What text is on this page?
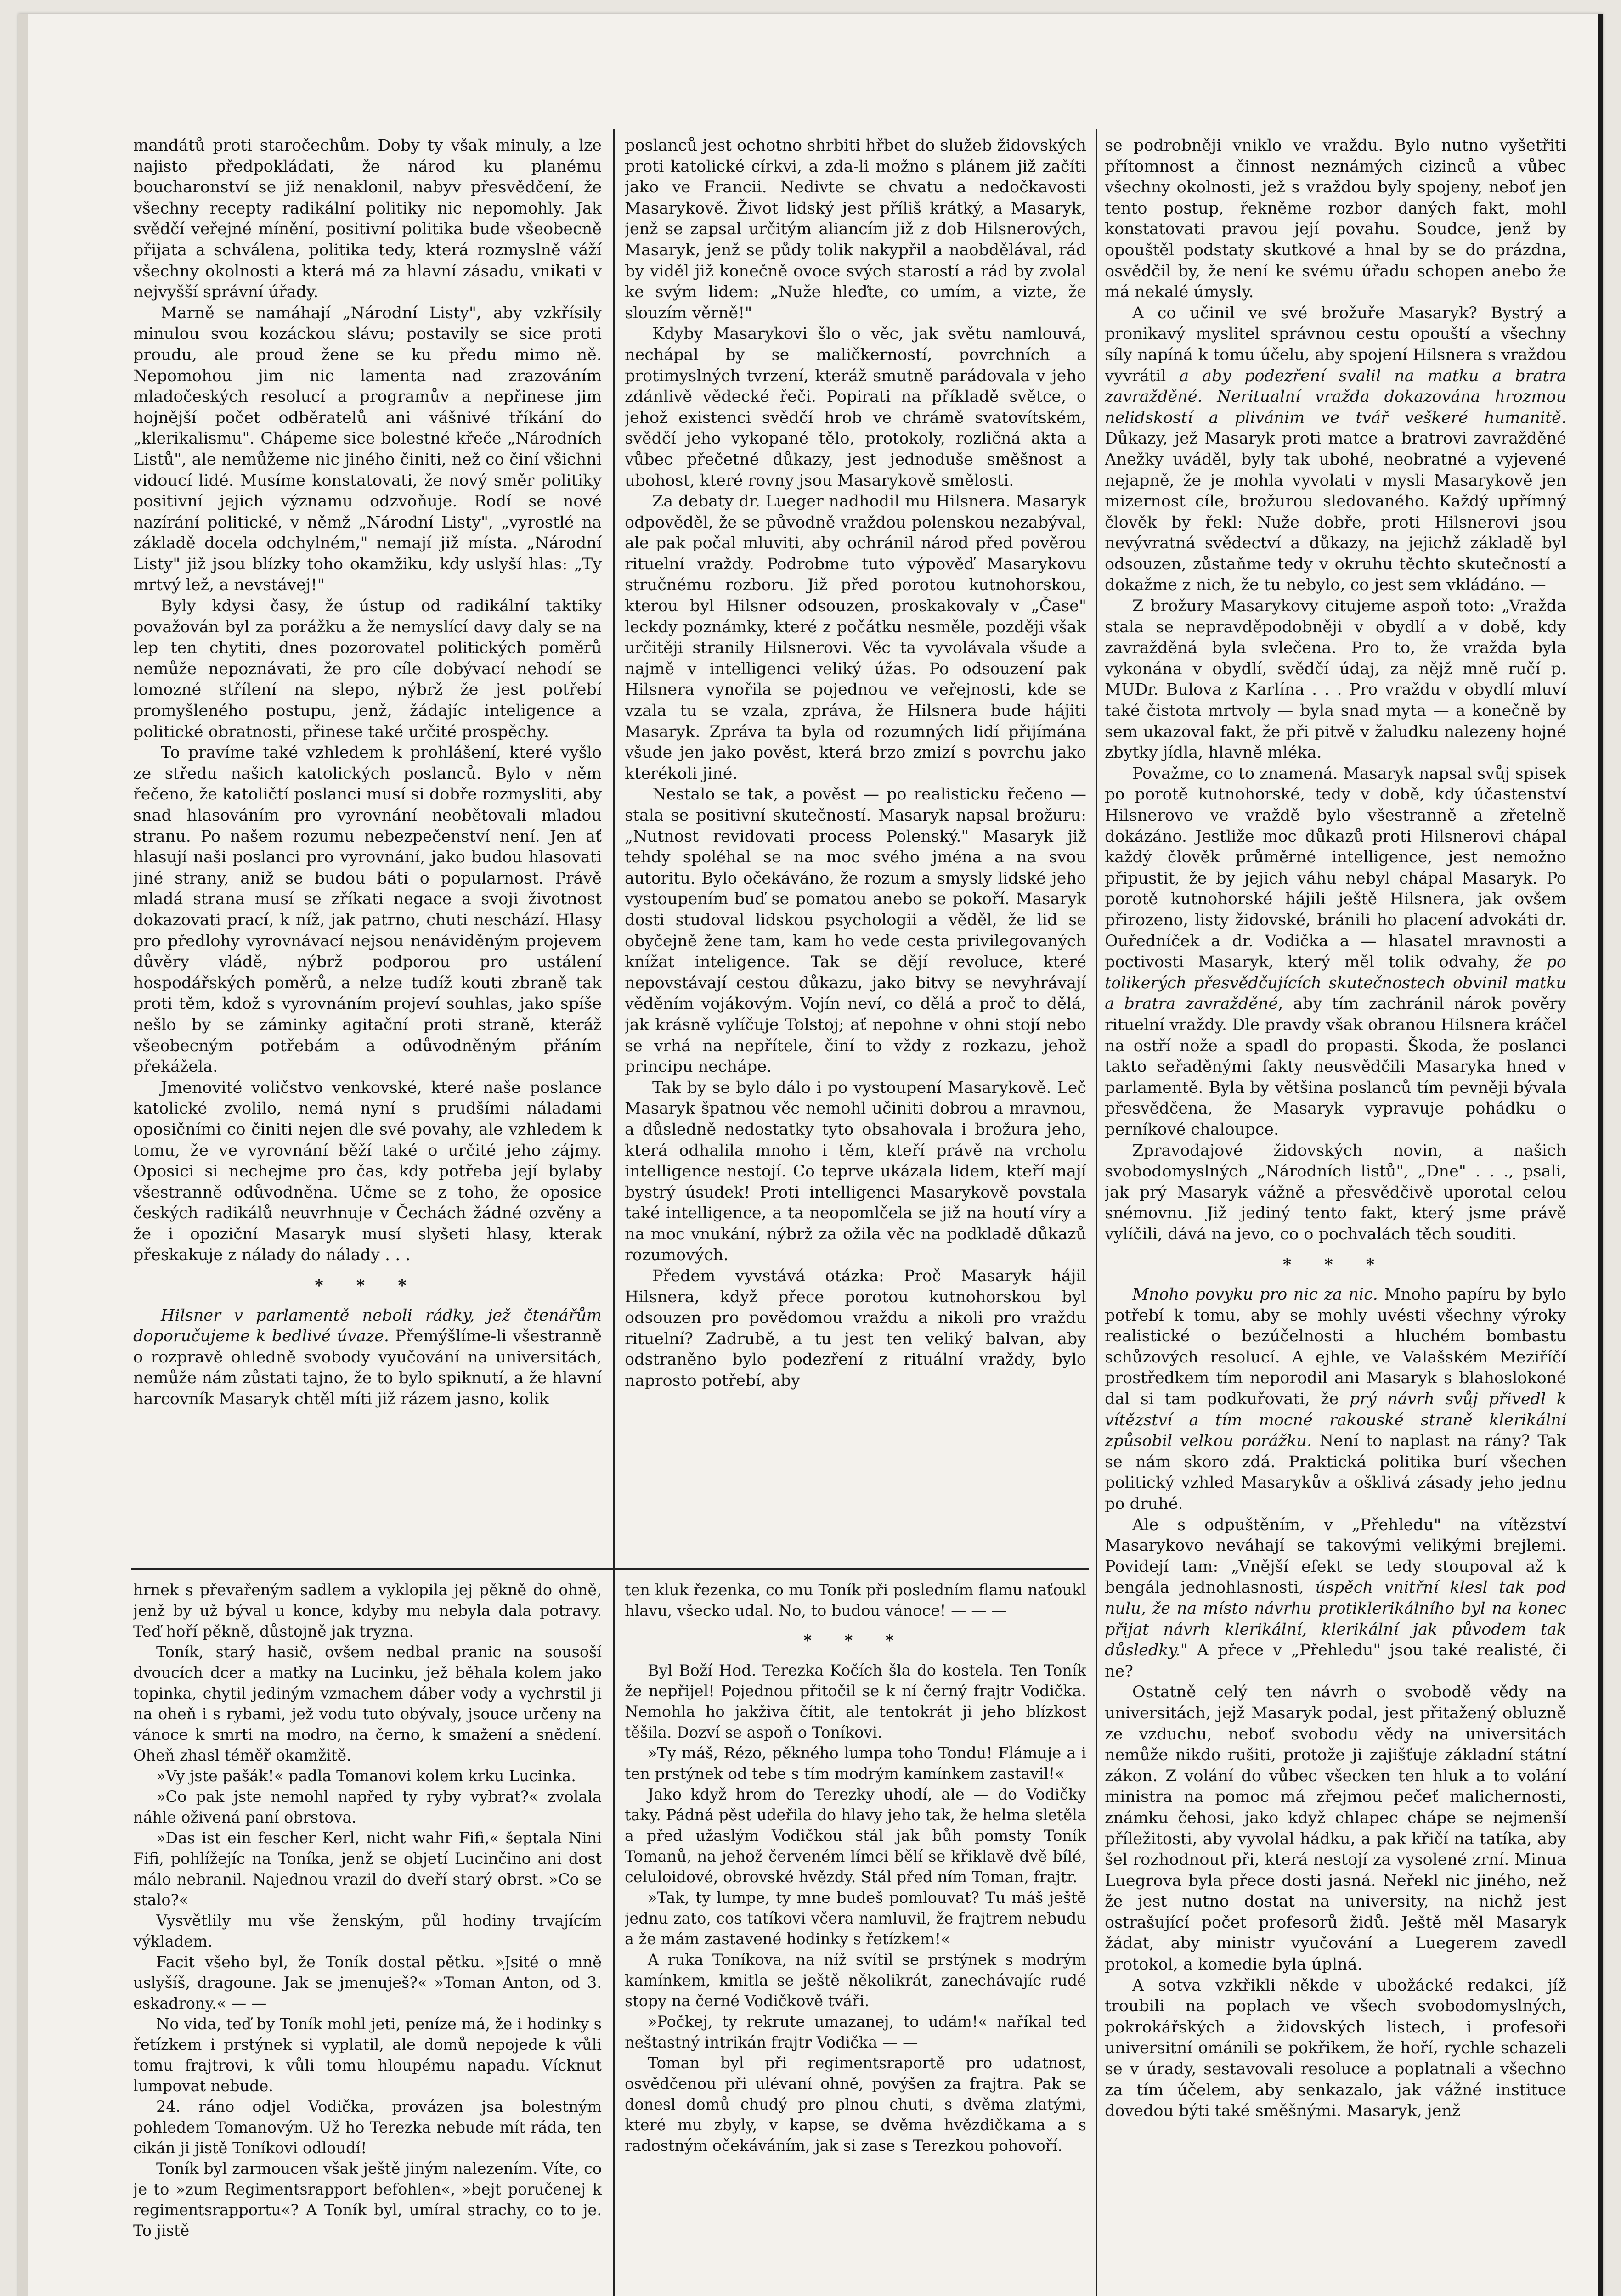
mandátů proti staročechům. Doby ty však minuly, a lze najisto předpokládati, že národ ku planému boucharonství se již nenaklonil, nabyv přesvědčení, že všechny recepty radikální politiky nic nepomohly. Jak svědčí veřejné mínění, positivní politika bude všeobecně přijata a schválena, politika tedy, která rozmyslně váží všechny okolnosti a která má za hlavní zásadu, vnikati v nejvyšší správní úřady.

Marně se namáhají „Národní Listy", aby vzkřísily minulou svou kozáckou slávu; postavily se sice proti proudu, ale proud žene se ku předu mimo ně. Nepomohou jim nic lamenta nad zrazováním mladočeských resolucí a programův a nepřinese jim hojnější počet odběratelů ani vášnivé tříkání do „klerikalismu". Chápeme sice bolestné křeče „Národních Listů", ale nemůžeme nic jiného činiti, než co činí všichni vidoucí lidé. Musíme konstatovati, že nový směr politiky positivní jejich významu odzvoňuje. Rodí se nové nazírání politické, v němž „Národní Listy", „vyrostlé na základě docela odchylném," nemají již místa. „Národní Listy" již jsou blízky toho okamžiku, kdy uslyší hlas: „Ty mrtvý lež, a nevstávej!"

Byly kdysi časy, že ústup od radikální taktiky považován byl za porážku a že nemyslící davy daly se na lep ten chytiti, dnes pozorovatel politických poměrů nemůže nepoznávati, že pro cíle dobývací nehodí se lomozné střílení na slepo, nýbrž že jest potřebí promyšleného postupu, jenž, žádajíc inteligence a politické obratnosti, přinese také určité prospěchy.

To pravíme také vzhledem k prohlášení, které vyšlo ze středu našich katolických poslanců. Bylo v něm řečeno, že katoličtí poslanci musí si dobře rozmysliti, aby snad hlasováním pro vyrovnání neobětovali mladou stranu. Po našem rozumu nebezpečenství není. Jen ať hlasují naši poslanci pro vyrovnání, jako budou hlasovati jiné strany, aniž se budou báti o popularnost. Právě mladá strana musí se zříkati negace a svoji životnost dokazovati prací, k níž, jak patrno, chuti neschází. Hlasy pro předlohy vyrovnávací nejsou nenáviděným projevem důvěry vládě, nýbrž podporou pro ustálení hospodářských poměrů, a nelze tudíž kouti zbraně tak proti těm, kdož s vyrovnáním projeví souhlas, jako spíše nešlo by se záminky agitační proti straně, kteráž všeobecným potřebám a odůvodněným přáním překážela.

Jmenovité voličstvo venkovské, které naše poslance katolické zvolilo, nemá nyní s prudšími náladami oposičními co činiti nejen dle své povahy, ale vzhledem k tomu, že ve vyrovnání běží také o určité jeho zájmy. Oposici si nechejme pro čas, kdy potřeba její bylaby všestranně odůvodněna. Učme se z toho, že oposice českých radikálů neuvrhnuje v Čechách žádné ozvěny a že i opoziční Masaryk musí slyšeti hlasy, kterak přeskakuje z nálady do nálady . . .

* * *

Hilsner v parlamentě neboli rádky, jež čtenářům doporučujeme k bedlivé úvaze. Přemýšlíme-li všestranně o rozpravě ohledně svobody vyučování na universitách, nemůže nám zůstati tajno, že to bylo spiknutí, a že hlavní harcovník Masaryk chtěl míti již rázem jasno, kolik

poslanců jest ochotno shrbiti hřbet do služeb židovských proti katolické církvi, a zda-li možno s plánem již začíti jako ve Francii. Nedivte se chvatu a nedočkavosti Masarykově. Život lidský jest příliš krátký, a Masaryk, jenž se zapsal určitým aliancím již z dob Hilsnerových, Masaryk, jenž se půdy tolik nakypřil a naobdělával, rád by viděl již konečně ovoce svých starostí a rád by zvolal ke svým lidem: „Nuže hleďte, co umím, a vizte, že slouzím věrně!"

Kdyby Masarykovi šlo o věc, jak světu namlouvá, nechápal by se maličkerností, povrchních a protimyslných tvrzení, kteráž smutně parádovala v jeho zdánlivě vědecké řeči. Popirati na příkladě světce, o jehož existenci svědčí hrob ve chrámě svatovítském, svědčí jeho vykopané tělo, protokoly, rozličná akta a vůbec přečetné důkazy, jest jednoduše směšnost a ubohost, které rovny jsou Masarykově smělosti.

Za debaty dr. Lueger nadhodil mu Hilsnera. Masaryk odpověděl, že se původně vraždou polenskou nezabýval, ale pak počal mluviti, aby ochránil národ před pověrou rituelní vraždy. Podrobme tuto výpověď Masarykovu stručnému rozboru. Již před porotou kutnohorskou, kterou byl Hilsner odsouzen, proskakovaly v „Čase" leckdy poznámky, které z počátku nesměle, později však určitěji stranily Hilsnerovi. Věc ta vyvolávala všude a najmě v intelligenci veliký úžas. Po odsouzení pak Hilsnera vynořila se pojednou ve veřejnosti, kde se vzala tu se vzala, zpráva, že Hilsnera bude hájiti Masaryk. Zpráva ta byla od rozumných lidí přijímána všude jen jako pověst, která brzo zmizí s povrchu jako kterékoli jiné.

Nestalo se tak, a pověst — po realisticku řečeno — stala se positivní skutečností. Masaryk napsal brožuru: „Nutnost revidovati process Polenský." Masaryk již tehdy spoléhal se na moc svého jména a na svou autoritu. Bylo očekáváno, že rozum a smysly lidské jeho vystoupením buď se pomatou anebo se pokoří. Masaryk dosti studoval lidskou psychologii a věděl, že lid se obyčejně žene tam, kam ho vede cesta privilegovaných knížat inteligence. Tak se dějí revoluce, které nepovstávají cestou důkazu, jako bitvy se nevyhrávají věděním vojákovým. Vojín neví, co dělá a proč to dělá, jak krásně vylíčuje Tolstoj; ať nepohne v ohni stojí nebo se vrhá na nepřítele, činí to vždy z rozkazu, jehož principu nechápe.

Tak by se bylo dálo i po vystoupení Masarykově. Leč Masaryk špatnou věc nemohl učiniti dobrou a mravnou, a důsledně nedostatky tyto obsahovala i brožura jeho, která odhalila mnoho i těm, kteří právě na vrcholu intelligence nestojí. Co teprve ukázala lidem, kteří mají bystrý úsudek! Proti intelligenci Masarykově povstala také intelligence, a ta neopomlčela se již na houtí víry a na moc vnukání, nýbrž za ožila věc na podkladě důkazů rozumových.

Předem vyvstává otázka: Proč Masaryk hájil Hilsnera, když přece porotou kutnohorskou byl odsouzen pro povědomou vraždu a nikoli pro vraždu rituelní? Zadrubě, a tu jest ten veliký balvan, aby odstraněno bylo podezření z rituální vraždy, bylo naprosto potřebí, aby

se podrobněji vniklo ve vraždu. Bylo nutno vyšetřiti přítomnost a činnost neznámých cizinců a vůbec všechny okolnosti, jež s vraždou byly spojeny, neboť jen tento postup, řekněme rozbor daných fakt, mohl konstatovati pravou její povahu. Soudce, jenž by opouštěl podstaty skutkové a hnal by se do prázdna, osvědčil by, že není ke svému úřadu schopen anebo že má nekalé úmysly.

A co učinil ve své brožuře Masaryk? Bystrý a pronikavý myslitel správnou cestu opouští a všechny síly napíná k tomu účelu, aby spojení Hilsnera s vraždou vyvrátil a aby podezření svalil na matku a bratra zavražděné. Neritualní vražda dokazována hrozmou nelidskostí a plivánim ve tvář veškeré humanitě. Důkazy, jež Masaryk proti matce a bratrovi zavražděné Anežky uváděl, byly tak ubohé, neobratné a vyjevené nejapně, že je mohla vyvolati v mysli Masarykově jen mizernost cíle, brožurou sledovaného. Každý upřímný člověk by řekl: Nuže dobře, proti Hilsnerovi jsou nevývratná svědectví a důkazy, na jejichž základě byl odsouzen, zůstaňme tedy v okruhu těchto skutečností a dokažme z nich, že tu nebylo, co jest sem vkládáno. —

Z brožury Masarykovy citujeme aspoň toto: „Vražda stala se nepravděpodobněji v obydlí a v době, kdy zavražděná byla svlečena. Pro to, že vražda byla vykonána v obydlí, svědčí údaj, za nějž mně ručí p. MUDr. Bulova z Karlína . . . Pro vraždu v obydlí mluví také čistota mrtvoly — byla snad myta — a konečně by sem ukazoval fakt, že při pitvě v žaludku nalezeny hojné zbytky jídla, hlavně mléka.

Považme, co to znamená. Masaryk napsal svůj spisek po porotě kutnohorské, tedy v době, kdy účastenství Hilsnerovo ve vraždě bylo všestranně a zřetelně dokázáno. Jestliže moc důkazů proti Hilsnerovi chápal každý člověk průměrné intelligence, jest nemožno připustit, že by jejich váhu nebyl chápal Masaryk. Po porotě kutnohorské hájili ještě Hilsnera, jak ovšem přirozeno, listy židovské, bránili ho placení advokáti dr. Ouředníček a dr. Vodička a — hlasatel mravnosti a poctivosti Masaryk, který měl tolik odvahy, že po tolikerých přesvědčujících skutečnostech obvinil matku a bratra zavražděné, aby tím zachránil nárok pověry rituelní vraždy. Dle pravdy však obranou Hilsnera kráčel na ostří nože a spadl do propasti. Škoda, že poslanci takto seřaděnými fakty neusvědčili Masaryka hned v parlamentě. Byla by většina poslanců tím pevněji bývala přesvědčena, že Masaryk vypravuje pohádku o perníkové chaloupce.

Zpravodajové židovských novin, a našich svobodomyslných „Národních listů", „Dne" . . ., psali, jak prý Masaryk vážně a přesvědčivě uporotal celou snémovnu. Již jediný tento fakt, který jsme právě vylíčili, dává na jevo, co o pochvalách těch souditi.

* * *

Mnoho povyku pro nic za nic. Mnoho papíru by bylo potřebí k tomu, aby se mohly uvésti všechny výroky realistické o bezúčelnosti a hluchém bombastu schůzových resolucí. A ejhle, ve Valašském Meziříčí prostředkem tím neporodil ani Masaryk s blahoslokoné dal si tam podkuřovati, že prý návrh svůj přivedl k vítězství a tím mocné rakouské straně klerikální způsobil velkou porážku. Není to naplast na rány? Tak se nám skoro zdá. Praktická politika burí všechen politický vzhled Masarykův a ošklivá zásady jeho jednu po druhé.

Ale s odpuštěním, v „Přehledu" na vítězství Masarykovo neváhají se takovými velikými brejlemi. Povidejí tam: „Vnější efekt se tedy stoupoval až k bengála jednohlasnosti, úspěch vnitřní klesl tak pod nulu, že na místo návrhu protiklerikálního byl na konec přijat návrh klerikální, klerikální jak původem tak důsledky." A přece v „Přehledu" jsou také realisté, či ne?

Ostatně celý ten návrh o svobodě vědy na universitách, jejž Masaryk podal, jest přitažený obluzně ze vzduchu, neboť svobodu vědy na universitách nemůže nikdo rušiti, protože ji zajišťuje základní státní zákon. Z volání do vůbec všecken ten hluk a to volání ministra na pomoc má zřejmou pečeť malichernosti, známku čehosi, jako když chlapec chápe se nejmenší příležitosti, aby vyvolal hádku, a pak křičí na tatíka, aby šel rozhodnout při, která nestojí za vysolené zrní. Minua Luegrova byla přece dosti jasná. Neřekl nic jiného, než že jest nutno dostat na university, na nichž jest ostrašující počet profesorů židů. Ještě měl Masaryk žádat, aby ministr vyučování a Luegerem zavedl protokol, a komedie byla úplná.

A sotva vzkřikli někde v ubožácké redakci, jíž troubili na poplach ve všech svobodomyslných, pokrokářských a židovských listech, i profesoři universitní ománili se pokřikem, že hoří, rychle schazeli se v úrady, sestavovali resoluce a poplatnali a všechno za tím účelem, aby senkazalo, jak vážné instituce dovedou býti také směšnými. Masaryk, jenž

hrnek s převařeným sadlem a vyklopila jej pěkně do ohně, jenž by už býval u konce, kdyby mu nebyla dala potravy. Teď hoří pěkně, důstojně jak tryzna.

Toník, starý hasič, ovšem nedbal pranic na sousoší dvoucích dcer a matky na Lucinku, jež běhala kolem jako topinka, chytil jediným vzmachem dáber vody a vychrstil ji na oheň i s rybami, jež vodu tuto obývaly, jsouce určeny na vánoce k smrti na modro, na černo, k smažení a snědení. Oheň zhasl téměř okamžitě.

»Vy jste pašák!« padla Tomanovi kolem krku Lucinka.

»Co pak jste nemohl napřed ty ryby vybrat?« zvolala náhle oživená paní obrstova.

»Das ist ein fescher Kerl, nicht wahr Fifi,« šeptala Nini Fifi, pohlížejíc na Toníka, jenž se objetí Lucinčino ani dost málo nebranil. Najednou vrazil do dveří starý obrst. »Co se stalo?«

Vysvětlily mu vše ženským, půl hodiny trvajícím výkladem.

Facit všeho byl, že Toník dostal pětku. »Jsité o mně uslyšíš, dragoune. Jak se jmenuješ?« »Toman Anton, od 3. eskadrony.« — —

No vida, teď by Toník mohl jeti, peníze má, že i hodinky s řetízkem i prstýnek si vyplatil, ale domů nepojede k vůli tomu frajtrovi, k vůli tomu hloupému napadu. Vícknut lumpovat nebude.

24. ráno odjel Vodička, provázen jsa bolestným pohledem Tomanovým. Už ho Terezka nebude mít ráda, ten cikán ji jistě Toníkovi odloudí!

Toník byl zarmoucen však ještě jiným nalezením. Víte, co je to »zum Regimentsrapport befohlen«, »bejt poručenej k regimentsrapportu«? A Toník byl, umíral strachy, co to je. To jistě

ten kluk řezenka, co mu Toník při posledním flamu naťoukl hlavu, všecko udal. No, to budou vánoce! — — —

* * *

Byl Boží Hod. Terezka Kočích šla do kostela. Ten Toník že nepřijel! Pojednou přitočil se k ní černý frajtr Vodička. Nemohla ho jakživa čítit, ale tentokrát ji jeho blízkost těšila. Dozví se aspoň o Toníkovi.

»Ty máš, Rézo, pěkného lumpa toho Tondu! Flámuje a i ten prstýnek od tebe s tím modrým kamínkem zastavil!«

Jako když hrom do Terezky uhodí, ale — do Vodičky taky. Pádná pěst udeřila do hlavy jeho tak, že helma sletěla a před užaslým Vodičkou stál jak bůh pomsty Toník Tomanů, na jehož červeném límci bělí se křiklavě dvě bílé, celuloidové, obrovské hvězdy. Stál před ním Toman, frajtr.

»Tak, ty lumpe, ty mne budeš pomlouvat? Tu máš ještě jednu zato, cos tatíkovi včera namluvil, že frajtrem nebudu a že mám zastavené hodinky s řetízkem!«

A ruka Toníkova, na níž svítil se prstýnek s modrým kamínkem, kmitla se ještě několikrát, zanechávajíc rudé stopy na černé Vodičkově tváři.

»Počkej, ty rekrute umazanej, to udám!« naříkal teď neštastný intrikán frajtr Vodička — —

Toman byl při regimentsraportě pro udatnost, osvědčenou při ulévaní ohně, povýšen za frajtra. Pak se donesl domů chudý pro plnou chuti, s dvěma zlatými, které mu zbyly, v kapse, se dvěma hvězdičkama a s radostným očekáváním, jak si zase s Terezkou pohovoří.
